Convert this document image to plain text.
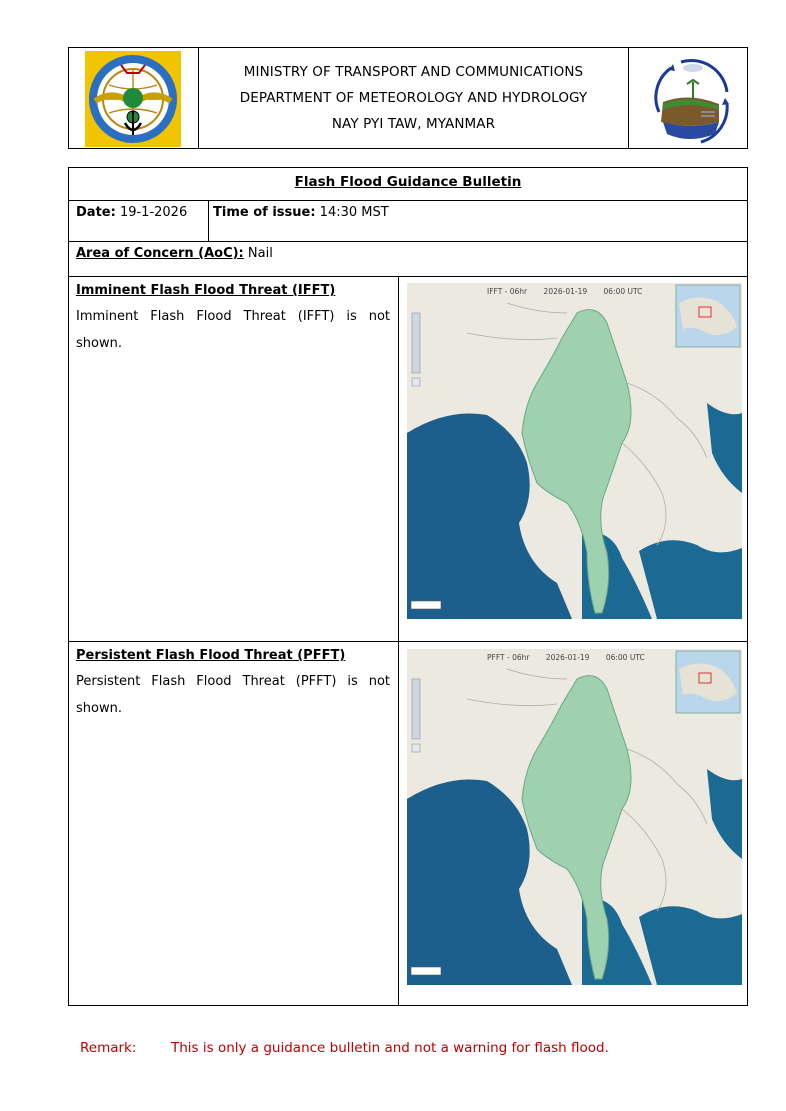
MINISTRY OF TRANSPORT AND COMMUNICATIONS
DEPARTMENT OF METEOROLOGY AND HYDROLOGY
NAY PYI TAW, MYANMAR
Flash Flood Guidance Bulletin
Date: 19-1-2026	Time of issue: 14:30 MST
Area of Concern (AoC): Nail
Imminent Flash Flood Threat (IFFT)
Imminent Flash Flood Threat (IFFT) is not shown.
IFFT - 06hr 2026-01-19 06:00 UTC
Persistent Flash Flood Threat (PFFT)
Persistent Flash Flood Threat (PFFT) is not shown.
PFFT - 06hr 2026-01-19 06:00 UTC
Remark:	This is only a guidance bulletin and not a warning for flash flood.
